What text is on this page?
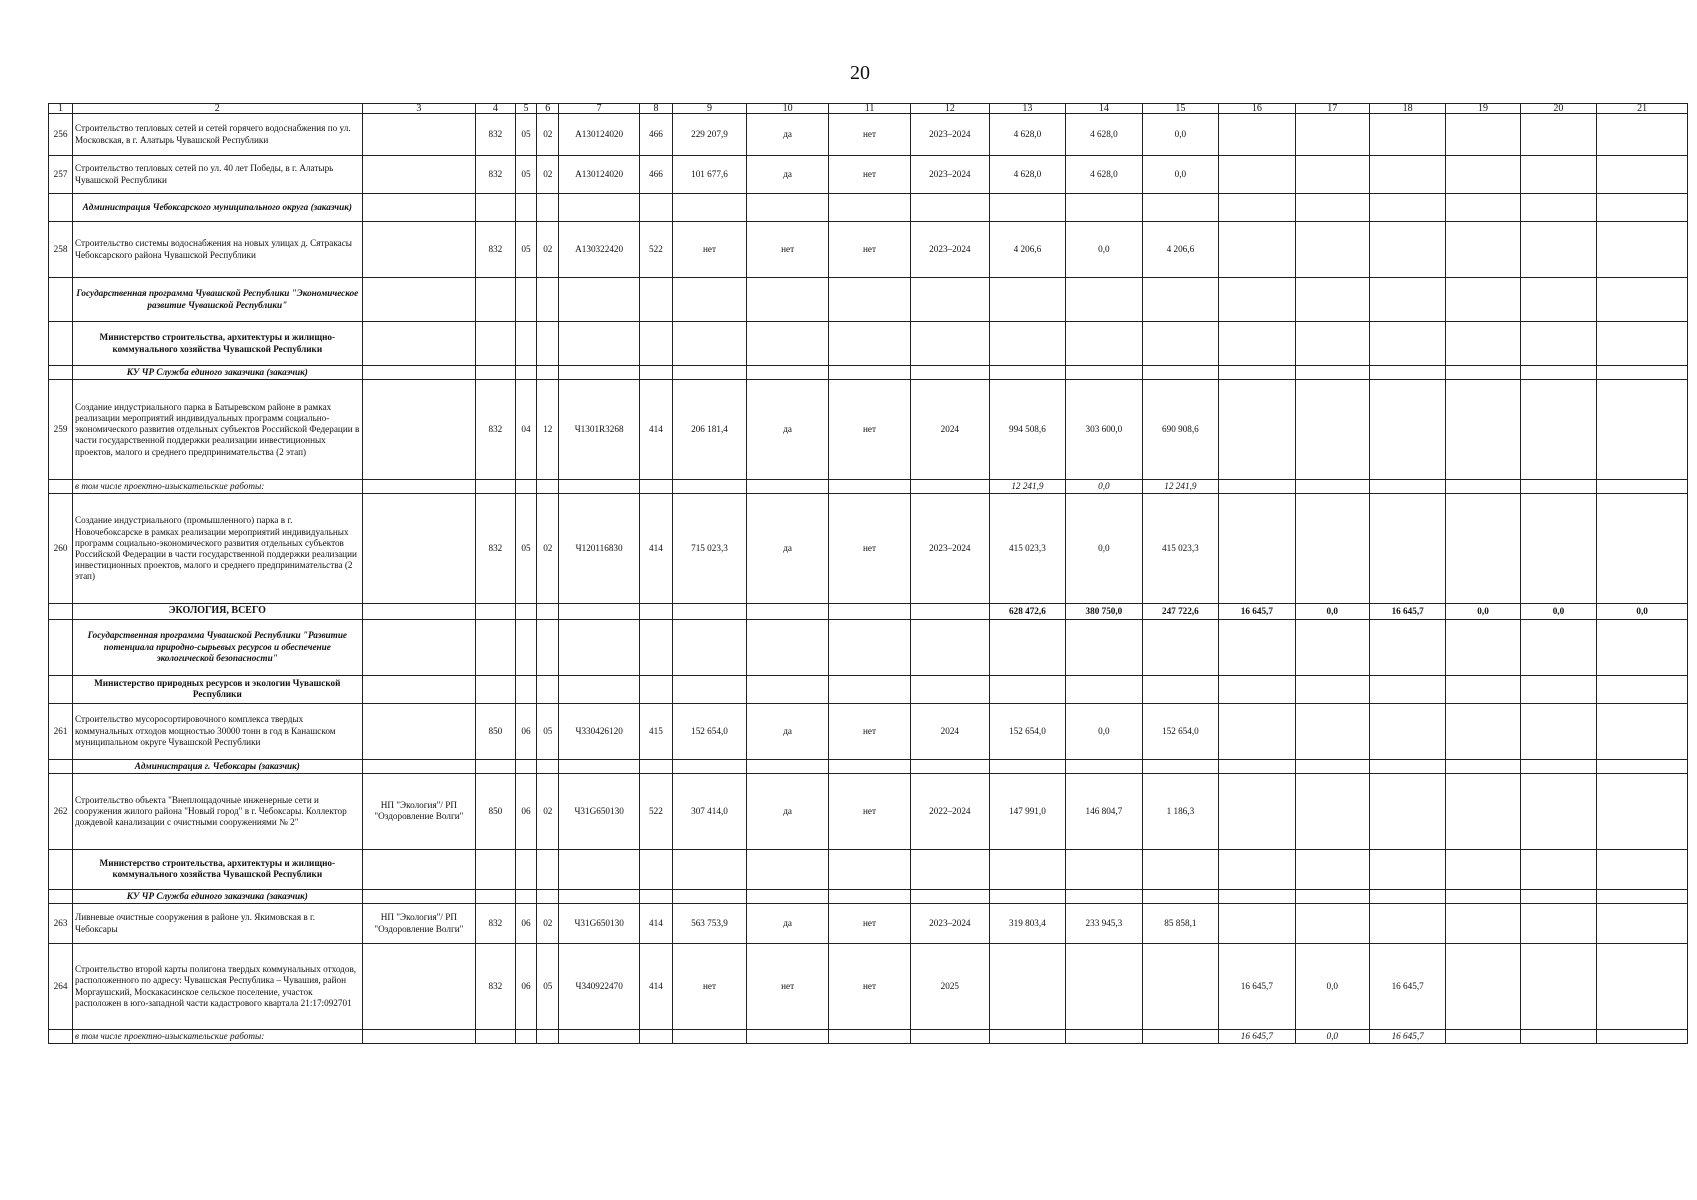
20
1	2	3	4	5	6	7	8	9	10	11	12	13	14	15	16	17	18	19	20	21
256	Строительство тепловых сетей и сетей горячего водоснабжения по ул. Московская, в г. Алатырь Чувашской Республики		832	05	02	А130124020	466	229 207,9	да	нет	2023–2024	4 628,0	4 628,0	0,0						
257	Строительство тепловых сетей по ул. 40 лет Победы, в г. Алатырь Чувашской Республики		832	05	02	А130124020	466	101 677,6	да	нет	2023–2024	4 628,0	4 628,0	0,0						
	Администрация Чебоксарского муниципального округа (заказчик)																			
258	Строительство системы водоснабжения на новых улицах д. Сятракасы Чебоксарского района Чувашской Республики		832	05	02	А130322420	522	нет	нет	нет	2023–2024	4 206,6	0,0	4 206,6						
	Государственная программа Чувашской Республики "Экономическое развитие Чувашской Республики"																			
	Министерство строительства, архитектуры и жилищно-коммунального хозяйства Чувашской Республики																			
	КУ ЧР Служба единого заказчика (заказчик)																			
259	Создание индустриального парка в Батыревском районе в рамках реализации мероприятий индивидуальных программ социально-экономического развития отдельных субъектов Российской Федерации в части государственной поддержки реализации инвестиционных проектов, малого и среднего предпринимательства (2 этап)		832	04	12	Ч1301R3268	414	206 181,4	да	нет	2024	994 508,6	303 600,0	690 908,6						
	в том числе проектно-изыскательские работы:											12 241,9	0,0	12 241,9						
260	Создание индустриального (промышленного) парка в г. Новочебоксарске в рамках реализации мероприятий индивидуальных программ социально-экономического развития отдельных субъектов Российской Федерации в части государственной поддержки реализации инвестиционных проектов, малого и среднего предпринимательства (2 этап)		832	05	02	Ч120116830	414	715 023,3	да	нет	2023–2024	415 023,3	0,0	415 023,3						
	ЭКОЛОГИЯ, ВСЕГО											628 472,6	380 750,0	247 722,6	16 645,7	0,0	16 645,7	0,0	0,0	0,0
	Государственная программа Чувашской Республики "Развитие потенциала природно-сырьевых ресурсов и обеспечение экологической безопасности"																			
	Министерство природных ресурсов и экологии Чувашской Республики																			
261	Строительство мусоросортировочного комплекса твердых коммунальных отходов мощностью 30000 тонн в год в Канашском муниципальном округе Чувашской Республики		850	06	05	Ч330426120	415	152 654,0	да	нет	2024	152 654,0	0,0	152 654,0						
	Администрация г. Чебоксары (заказчик)																			
262	Строительство объекта "Внеплощадочные инженерные сети и сооружения жилого района "Новый город" в г. Чебоксары. Коллектор дождевой канализации с очистными сооружениями № 2"	НП "Экология"/ РП "Оздоровление Волги"	850	06	02	Ч31G650130	522	307 414,0	да	нет	2022–2024	147 991,0	146 804,7	1 186,3						
	Министерство строительства, архитектуры и жилищно-коммунального хозяйства Чувашской Республики																			
	КУ ЧР Служба единого заказчика (заказчик)																			
263	Ливневые очистные сооружения в районе ул. Якимовская в г. Чебоксары	НП "Экология"/ РП "Оздоровление Волги"	832	06	02	Ч31G650130	414	563 753,9	да	нет	2023–2024	319 803,4	233 945,3	85 858,1						
264	Строительство второй карты полигона твердых коммунальных отходов, расположенного по адресу: Чувашская Республика – Чувашия, район Моргаушский, Москакасинское сельское поселение, участок расположен в юго-западной части кадастрового квартала 21:17:092701		832	06	05	Ч340922470	414	нет	нет	нет	2025				16 645,7	0,0	16 645,7			
	в том числе проектно-изыскательские работы:														16 645,7	0,0	16 645,7			
